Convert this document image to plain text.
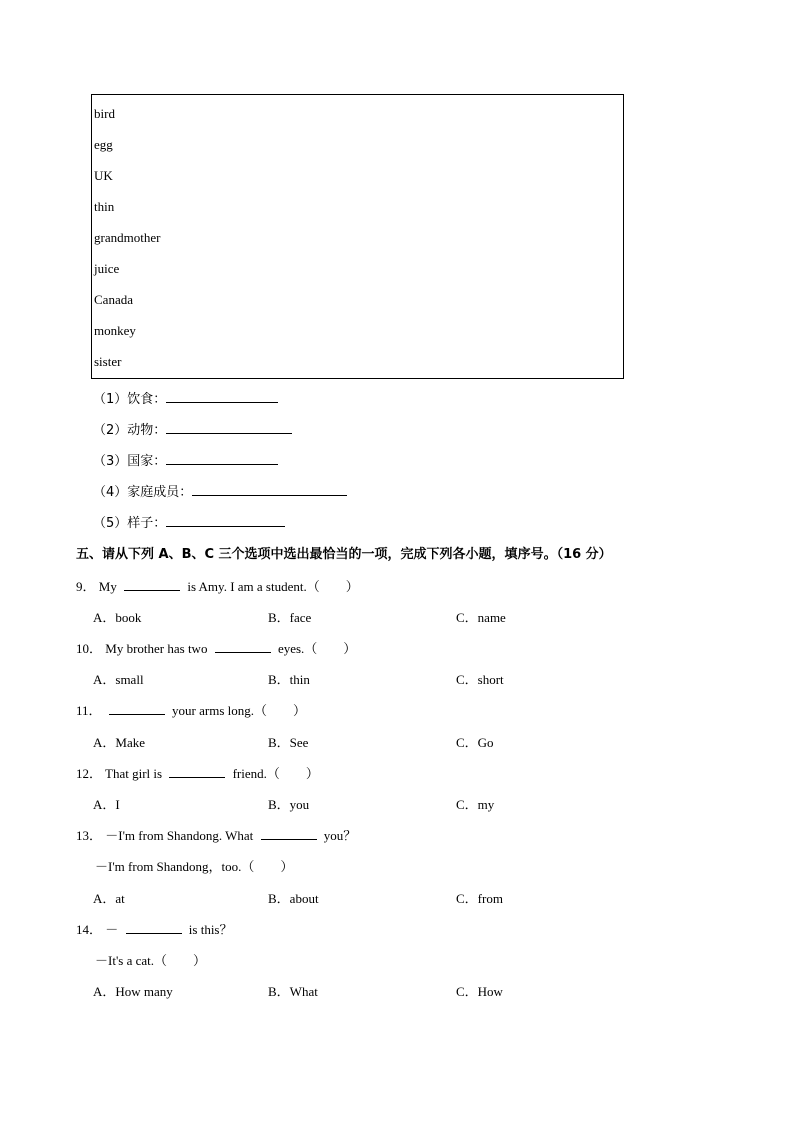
bird
egg
UK
thin
grandmother
juice
Canada
monkey
sister
（1）饮食：
（2）动物：
（3）国家：
（4）家庭成员：
（5）样子：
五、请从下列 A、B、C 三个选项中选出最恰当的一项，完成下列各小题，填序号。（16 分）
9． My	is Amy. I am a student.（　　）
A．book	B．face	C．name
10． My brother has two	eyes.（　　）
A．small	B．thin	C．short
11．	your arms long.（　　）
A．Make	B．See	C．Go
12． That girl is	friend.（　　）
A．I	B．you	C．my
13． －I'm from Shandong. What	you？
－I'm from Shandong，too.（　　）
A．at	B．about	C．from
14． －	is this？
－It's a cat.（　　）
A．How many	B．What	C．How
